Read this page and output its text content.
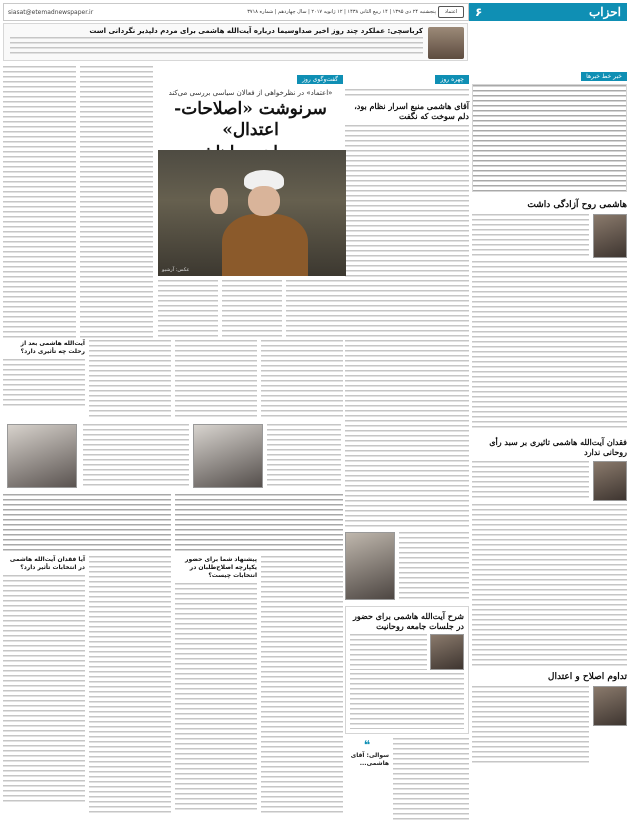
اعتماد
پنجشنبه ۲۴ دی ۱۳۹۵ | ۱۴ ربیع الثانی ۱۴۳۸ | ۱۲ ژانویه ۲۰۱۷ | سال چهاردهم | شماره ۳۷۱۸
siasat@etemadnewspaper.ir	احزاب
۶
کرباسچی: عملکرد چند روز اخیر صداوسیما درباره آیت‌الله هاشمی برای مردم دلپذیر نگردانی است
خبر خط خبرها
هاشمی روح آزادگی داشت
فقدان آیت‌الله هاشمی تاثیری بر سبد رأی روحانی ندارد
تداوم اصلاح و اعتدال
چهره روز
آقای هاشمی منبع اسرار نظام بود، دلم سوخت که نگفت
شرح آیت‌الله هاشمی برای حضور در جلسات جامعه روحانیت
❝
سوالی: آقای هاشمی...
گفت‌وگوی روز
«اعتماد» در نظرخواهی از فعالان سیاسی بررسی می‌کند
سرنوشت «اصلاحات-اعتدال»
عکس: آرشیو
آیت‌الله هاشمی بعد از رحلت چه تأثیری دارد؟
پیشنهاد شما برای حضور یکپارچه اصلاح‌طلبان در انتخابات چیست؟
آیا فقدان آیت‌الله هاشمی در انتخابات تأثیر دارد؟
